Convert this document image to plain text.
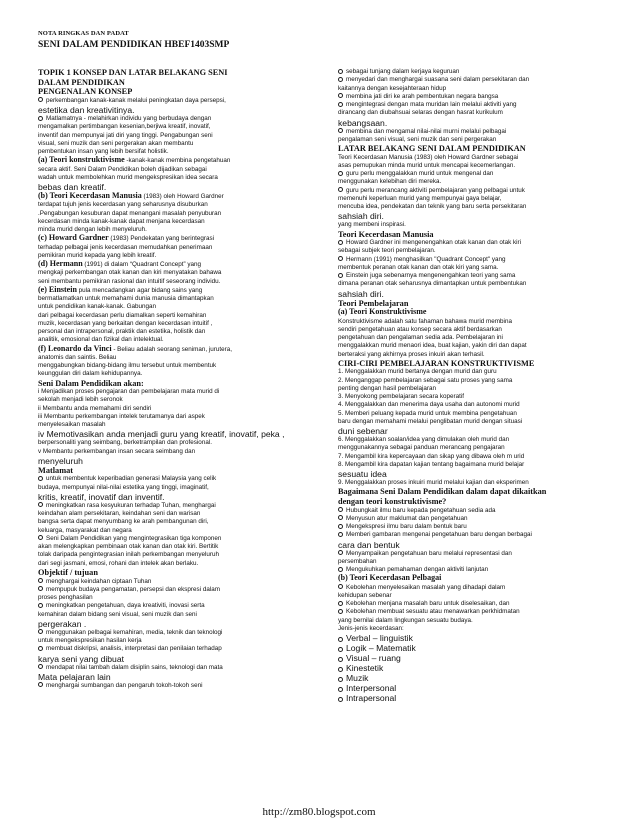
NOTA RINGKAS DAN PADAT
SENI DALAM PENDIDIKAN HBEF1403SMP
TOPIK 1 KONSEP DAN LATAR BELAKANG SENI
DALAM PENDIDIKAN
PENGENALAN KONSEP
perkembangan kanak-kanak melalui peningkatan daya persepsi,
estetika dan kreativitinya.
Matlamatnya - melahirkan individu yang berbudaya dengan
mengamalkan pertimbangan kesenian,berjiwa kreatif, inovatif,
inventif dan mempunyai jati diri yang tinggi. Pengabungan seni
visual, seni muzik dan seni pergerakan akan membantu
pembentukan insan yang lebih bersifat holistik.
(a) Teori konstruktivisme -kanak-kanak membina pengetahuan
secara aktif. Seni Dalam Pendidikan boleh dijadikan sebagai
wadah untuk membolehkan murid mengekspresikan idea secara
bebas dan kreatif.
(b) Teori Kecerdasan Manusia (1983) oleh Howard Gardner
terdapat tujuh jenis kecerdasan yang seharusnya disuburkan
.Pengabungan kesuburan dapat menangani masalah penyuburan
kecerdasan minda kanak-kanak dapat menjana kecerdasan
minda murid dengan lebih menyeluruh.
(c) Howard Gardner (1983) Pendekatan yang berintegrasi
terhadap pelbagai jenis kecerdasan memudahkan penerimaan
pemikiran murid kepada yang lebih kreatif.
(d) Hermann (1991) di dalam “Quadrant Concept” yang
mengkaji perkembangan otak kanan dan kiri menyatakan bahawa
seni membantu pemikiran rasional dan intuitif seseorang individu.
(e) Einstein pula mencadangkan agar bidang sains yang
bermatlamatkan untuk memahami dunia manusia dimantapkan
untuk pendidikan kanak-kanak. Gabungan
dari pelbagai kecerdasan perlu diamalkan seperti kemahiran
muzik, kecerdasan yang berkaitan dengan kecerdasan intuitif ,
personal dan intrapersonal, praktik dan estetika, holistik dan
analitik, emosional dan fizikal dan intelektual.
(f) Leonardo da Vinci - Beliau adalah seorang seniman, jurutera,
anatomis dan saintis. Beliau
menggabungkan bidang-bidang ilmu tersebut untuk membentuk
keunggulan diri dalam kehidupannya.
Seni Dalam Pendidikan akan:
i Menjadikan proses pengajaran dan pembelajaran mata murid di
sekolah menjadi lebih seronok
ii Membantu anda memahami diri sendiri
iii Membantu perkembangan intelek terutamanya dari aspek
menyelesaikan masalah
iv Memotivasikan anda menjadi guru yang kreatif, inovatif, peka ,
berpersonaliti yang seimbang, berketrampilan dan profesional.
v Membantu perkembangan insan secara seimbang dan
menyeluruh
Matlamat
untuk membentuk keperibadian generasi Malaysia yang celik
budaya, mempunyai nilai-nilai estetika yang tinggi, imaginatif,
kritis, kreatif, inovatif dan inventif.
meningkatkan rasa kesyukuran terhadap Tuhan, menghargai
keindahan alam persekitaran, keindahan seni dan warisan
bangsa serta dapat menyumbang ke arah pembangunan diri,
keluarga, masyarakat dan negara
Seni Dalam Pendidikan yang mengintegrasikan tiga komponen
akan melengkapkan pembinaan otak kanan dan otak kiri. Bertitik
tolak daripada pengintegrasian inilah perkembangan menyeluruh
dari segi jasmani, emosi, rohani dan intelek akan berlaku.
Objektif / tujuan
menghargai keindahan ciptaan Tuhan
mempupuk budaya pengamatan, persepsi dan ekspresi dalam
proses penghasilan
meningkatkan pengetahuan, daya kreativiti, inovasi serta
kemahiran dalam bidang seni visual, seni muzik dan seni
pergerakan .
menggunakan pelbagai kemahiran, media, teknik dan teknologi
untuk mengekspresikan hasilan kerja
membuat diskripsi, analisis, interpretasi dan penilaian terhadap
karya seni yang dibuat
mendapat nilai tambah dalam disiplin sains, teknologi dan mata
Mata pelajaran lain
menghargai sumbangan dan pengaruh tokoh-tokoh seni
sebagai tunjang dalam kerjaya keguruan
menyedari dan menghargai suasana seni dalam persekitaran dan
kaitannya dengan kesejahteraan hidup
membina jati diri ke arah pembentukan negara bangsa
mengintegrasi dengan mata muridan lain melalui aktiviti yang
dirancang dan diubahsuai selaras dengan hasrat kurikulum
kebangsaan.
membina dan mengamal nilai-nilai murni melalui pelbagai
pengalaman seni visual, seni muzik dan seni pergerakan
LATAR BELAKANG SENI DALAM PENDIDIKAN
Teori Kecerdasan Manusia (1983) oleh Howard Gardner sebagai
asas pemupukan minda murid untuk mencapai kecemerlangan.
guru perlu menggalakkan murid untuk mengenal dan
menggunakan kelebihan diri mereka.
guru perlu merancang aktiviti pembelajaran yang pelbagai untuk
memenuhi keperluan murid yang mempunyai gaya belajar,
mencuba idea, pendekatan dan teknik yang baru serta persekitaran
sahsiah diri.
yang membeni inspirasi.
Teori Kecerdasan Manusia
Howard Gardner ini mengenengahkan otak kanan dan otak kiri
sebagai subjek teori pembelajaran.
Hermann (1991) menghasilkan "Quadrant Concept" yang
membentuk peranan otak kanan dan otak kiri yang sama.
Einstein juga sebenarnya mengenengahkan teori yang sama
dimana peranan otak seharusnya dimantapkan untuk pembentukan
sahsiah diri.
Teori Pembelajaran
(a) Teori Konstruktivisme
Konstruktivisme adalah satu fahaman bahawa murid membina
sendiri pengetahuan atau konsep secara aktif berdasarkan
pengetahuan dan pengalaman sedia ada. Pembelajaran ini
menggalakkan murid menaori idea, buat kajian, yakin diri dan dapat
berteraksi yang akhirnya proses inkuiri akan terhasil.
CIRI-CIRI PEMBELAJARAN KONSTRUKTIVISME
1. Menggalakkan murid bertanya dengan murid dan guru
2. Menganggap pembelajaran sebagai satu proses yang sama
penting dengan hasil pembelajaran
3. Menyokong pembelajaran secara koperatif
4. Menggalakkan dan menerima daya usaha dan autonomi murid
5. Memberi peluang kepada murid untuk membina pengetahuan
baru dengan memahami melalui penglibatan murid dengan situasi
duni sebenar
6. Menggalakkan soalan/idea yang dimulakan oleh murid dan
menggunakannya sebagai panduan merancang pengajaran
7. Mengambil kira kepercayaan dan sikap yang dibawa oleh m urid
8. Mengambil kira dapatan kajian tentang bagaimana murid belajar
sesuatu idea
9. Menggalakkan proses inkuiri murid melalui kajian dan eksperimen
Bagaimana Seni Dalam Pendidikan dalam dapat dikaitkan
dengan teori konstruktivisme?
Hubungkait ilmu baru kepada pengetahuan sedia ada
Menyusun atur maklumat dan pengetahuan
Mengekspresi ilmu baru dalam bentuk baru
Memberi gambaran mengenai pengetahuan baru dengan berbagai
cara dan bentuk
Menyampaikan pengetahuan baru melalui representasi dan
persembahan
Mengukuhkan pemahaman dengan aktiviti lanjutan
(b) Teori Kecerdasan Pelbagai
Kebolehan menyelesaikan masalah yang dihadapi dalam
kehidupan sebenar
Kebolehan menjana masalah baru untuk diselesaikan, dan
Kebolehan membuat sesuatu atau menawarkan perkhidmatan
yang bernilai dalam lingkungan sesuatu budaya.
Jenis-jenis kecerdasan:
Verbal – linguistik
Logik – Matematik
Visual – ruang
Kinestetik
Muzik
Interpersonal
Intrapersonal
http://zm80.blogspot.com
